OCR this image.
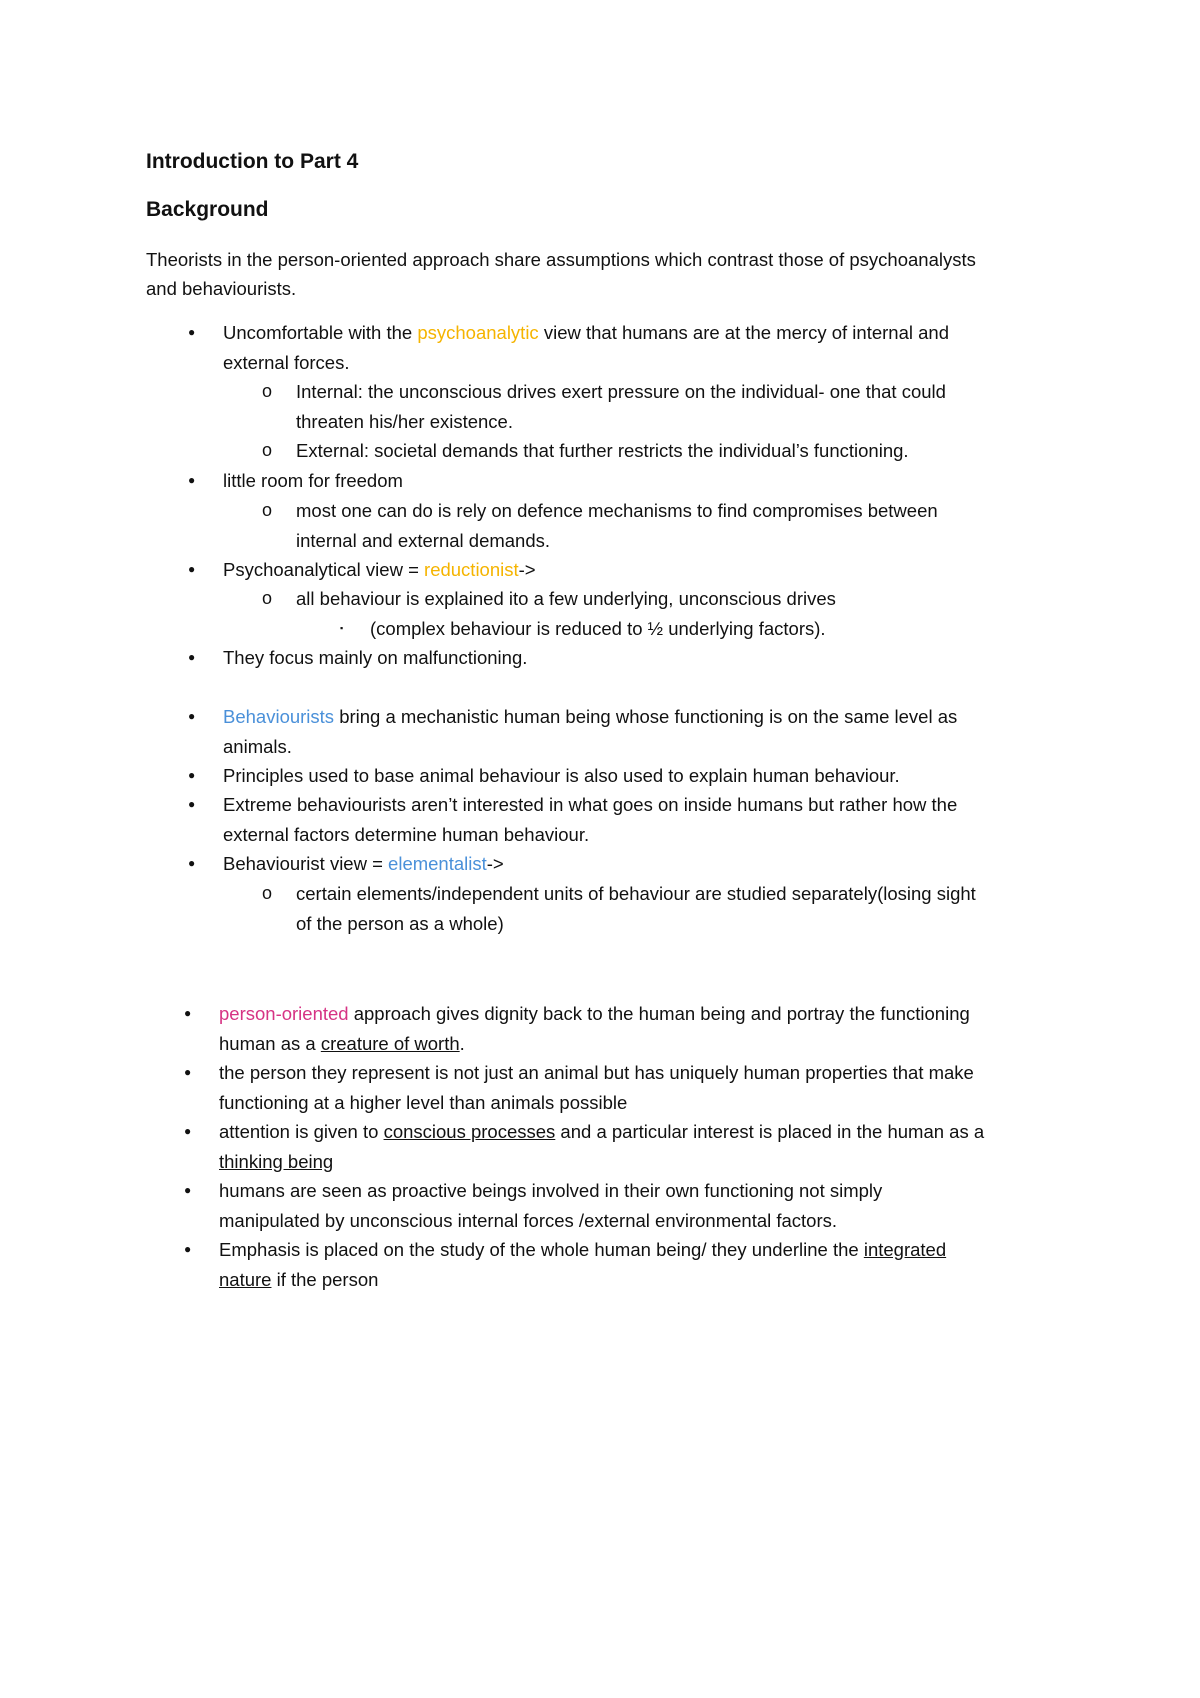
Introduction to Part 4
Background
Theorists in the person-oriented approach share assumptions which contrast those of psychoanalysts
and behaviourists.
●
o
o
●
o
●
o
▪
●
Uncomfortable with the psychoanalytic view that humans are at the mercy of internal and
external forces.
Internal: the unconscious drives exert pressure on the individual- one that could
threaten his/her existence.
External: societal demands that further restricts the individual’s functioning.
little room for freedom
most one can do is rely on defence mechanisms to find compromises between
internal and external demands.
Psychoanalytical view = reductionist->
all behaviour is explained ito a few underlying, unconscious drives
(complex behaviour is reduced to ½ underlying factors).
They focus mainly on malfunctioning.
●
●
●
●
o
Behaviourists bring a mechanistic human being whose functioning is on the same level as
animals.
Principles used to base animal behaviour is also used to explain human behaviour.
Extreme behaviourists aren’t interested in what goes on inside humans but rather how the
external factors determine human behaviour.
Behaviourist view = elementalist->
certain elements/independent units of behaviour are studied separately(losing sight
of the person as a whole)
●
●
●
●
●
person-oriented approach gives dignity back to the human being and portray the functioning
human as a creature of worth.
the person they represent is not just an animal but has uniquely human properties that make
functioning at a higher level than animals possible
attention is given to conscious processes and a particular interest is placed in the human as a
thinking being
humans are seen as proactive beings involved in their own functioning not simply
manipulated by unconscious internal forces /external environmental factors.
Emphasis is placed on the study of the whole human being/ they underline the integrated
nature if the person
